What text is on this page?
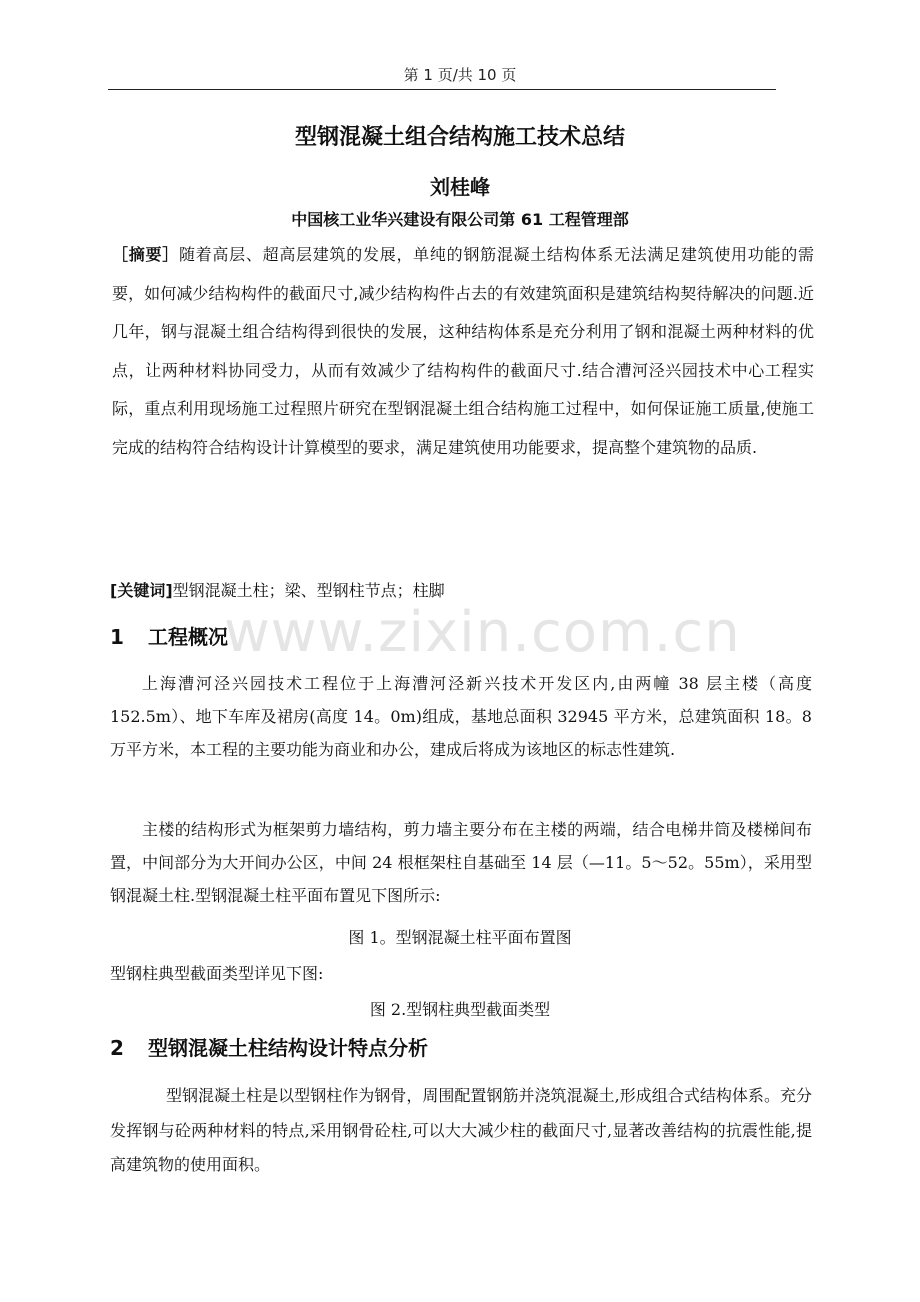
第 1 页/共 10 页
型钢混凝土组合结构施工技术总结
刘桂峰
中国核工业华兴建设有限公司第 61 工程管理部
［摘要］随着高层、超高层建筑的发展，单纯的钢筋混凝土结构体系无法满足建筑使用功能的需要，如何减少结构构件的截面尺寸,减少结构构件占去的有效建筑面积是建筑结构契待解决的问题.近几年，钢与混凝土组合结构得到很快的发展，这种结构体系是充分利用了钢和混凝土两种材料的优点，让两种材料协同受力，从而有效减少了结构构件的截面尺寸.结合漕河泾兴园技术中心工程实际，重点利用现场施工过程照片研究在型钢混凝土组合结构施工过程中，如何保证施工质量,使施工完成的结构符合结构设计计算模型的要求，满足建筑使用功能要求，提高整个建筑物的品质.
[关键词]型钢混凝土柱；梁、型钢柱节点；柱脚
1 工程概况
上海漕河泾兴园技术工程位于上海漕河泾新兴技术开发区内,由两幢 38 层主楼（高度 152.5m）、地下车库及裙房(高度 14。0m)组成，基地总面积 32945 平方米，总建筑面积 18。8 万平方米，本工程的主要功能为商业和办公，建成后将成为该地区的标志性建筑.
主楼的结构形式为框架剪力墙结构，剪力墙主要分布在主楼的两端，结合电梯井筒及楼梯间布置，中间部分为大开间办公区，中间 24 根框架柱自基础至 14 层（—11。5～52。55m），采用型钢混凝土柱.型钢混凝土柱平面布置见下图所示:
图 1。型钢混凝土柱平面布置图
型钢柱典型截面类型详见下图:
图 2.型钢柱典型截面类型
2 型钢混凝土柱结构设计特点分析
型钢混凝土柱是以型钢柱作为钢骨，周围配置钢筋并浇筑混凝土,形成组合式结构体系。充分发挥钢与砼两种材料的特点,采用钢骨砼柱,可以大大减少柱的截面尺寸,显著改善结构的抗震性能,提高建筑物的使用面积。
www.zixin.com.cn
